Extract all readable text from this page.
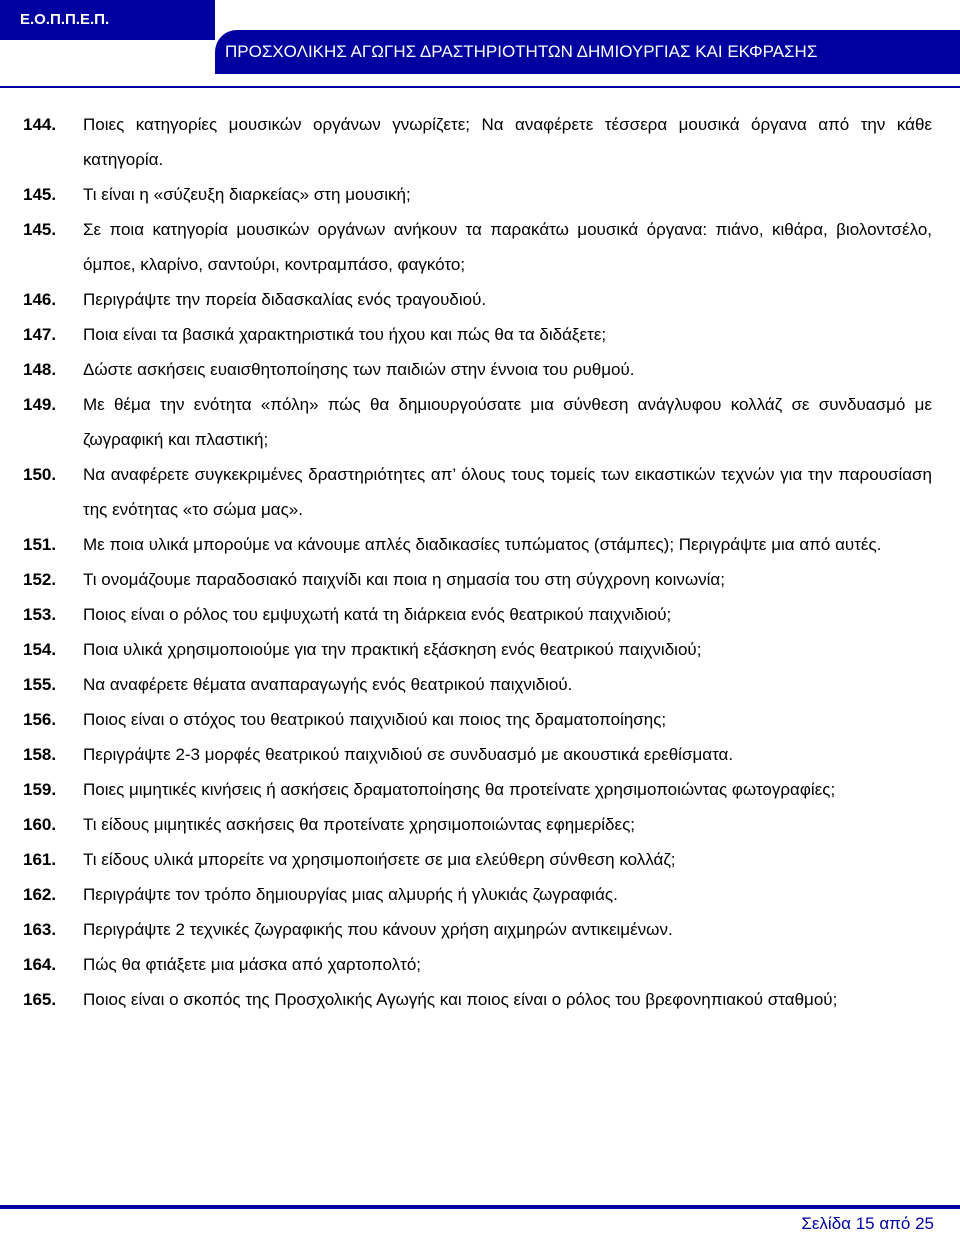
Ε.Ο.Π.Π.Ε.Π.
ΠΡΟΣΧΟΛΙΚΗΣ ΑΓΩΓΗΣ ΔΡΑΣΤΗΡΙΟΤΗΤΩΝ ΔΗΜΙΟΥΡΓΙΑΣ ΚΑΙ ΕΚΦΡΑΣΗΣ
144.	Ποιες κατηγορίες μουσικών οργάνων γνωρίζετε; Να αναφέρετε τέσσερα μουσικά όργανα από την κάθε κατηγορία.
145.	Τι είναι η «σύζευξη διαρκείας» στη μουσική;
145.	Σε ποια κατηγορία μουσικών οργάνων ανήκουν τα παρακάτω μουσικά όργανα: πιάνο, κιθάρα, βιολοντσέλο, όμποε, κλαρίνο, σαντούρι, κοντραμπάσο, φαγκότο;
146.	Περιγράψτε την πορεία διδασκαλίας ενός τραγουδιού.
147.	Ποια είναι τα βασικά χαρακτηριστικά του ήχου και πώς θα τα διδάξετε;
148.	Δώστε ασκήσεις ευαισθητοποίησης των παιδιών στην έννοια του ρυθμού.
149.	Με θέμα την ενότητα «πόλη» πώς θα δημιουργούσατε μια σύνθεση ανάγλυφου κολλάζ σε συνδυασμό με ζωγραφική και πλαστική;
150.	Να αναφέρετε συγκεκριμένες δραστηριότητες απ’ όλους τους τομείς των εικαστικών τεχνών για την παρουσίαση της ενότητας «το σώμα μας».
151.	Με ποια υλικά μπορούμε να κάνουμε απλές διαδικασίες τυπώματος (στάμπες); Περιγράψτε μια από αυτές.
152.	Τι ονομάζουμε παραδοσιακό παιχνίδι και ποια η σημασία του στη σύγχρονη κοινωνία;
153.	Ποιος είναι ο ρόλος του εμψυχωτή κατά τη διάρκεια ενός θεατρικού παιχνιδιού;
154.	Ποια υλικά χρησιμοποιούμε για την πρακτική εξάσκηση ενός θεατρικού παιχνιδιού;
155.	Να αναφέρετε θέματα αναπαραγωγής ενός θεατρικού παιχνιδιού.
156.	Ποιος είναι ο στόχος του θεατρικού παιχνιδιού και ποιος της δραματοποίησης;
158.	Περιγράψτε 2-3 μορφές θεατρικού παιχνιδιού σε συνδυασμό με ακουστικά ερεθίσματα.
159.	Ποιες μιμητικές κινήσεις ή ασκήσεις δραματοποίησης θα προτείνατε χρησιμοποιώντας φωτογραφίες;
160.	Τι είδους μιμητικές ασκήσεις θα προτείνατε χρησιμοποιώντας εφημερίδες;
161.	Τι είδους υλικά μπορείτε να χρησιμοποιήσετε σε μια ελεύθερη σύνθεση κολλάζ;
162.	Περιγράψτε τον τρόπο δημιουργίας μιας αλμυρής ή γλυκιάς ζωγραφιάς.
163.	Περιγράψτε 2 τεχνικές ζωγραφικής που κάνουν χρήση αιχμηρών αντικειμένων.
164.	Πώς θα φτιάξετε μια μάσκα από χαρτοπολτό;
165.	Ποιος είναι ο σκοπός της Προσχολικής Αγωγής και ποιος είναι ο ρόλος του βρεφονηπιακού σταθμού;
Σελίδα 15 από 25
